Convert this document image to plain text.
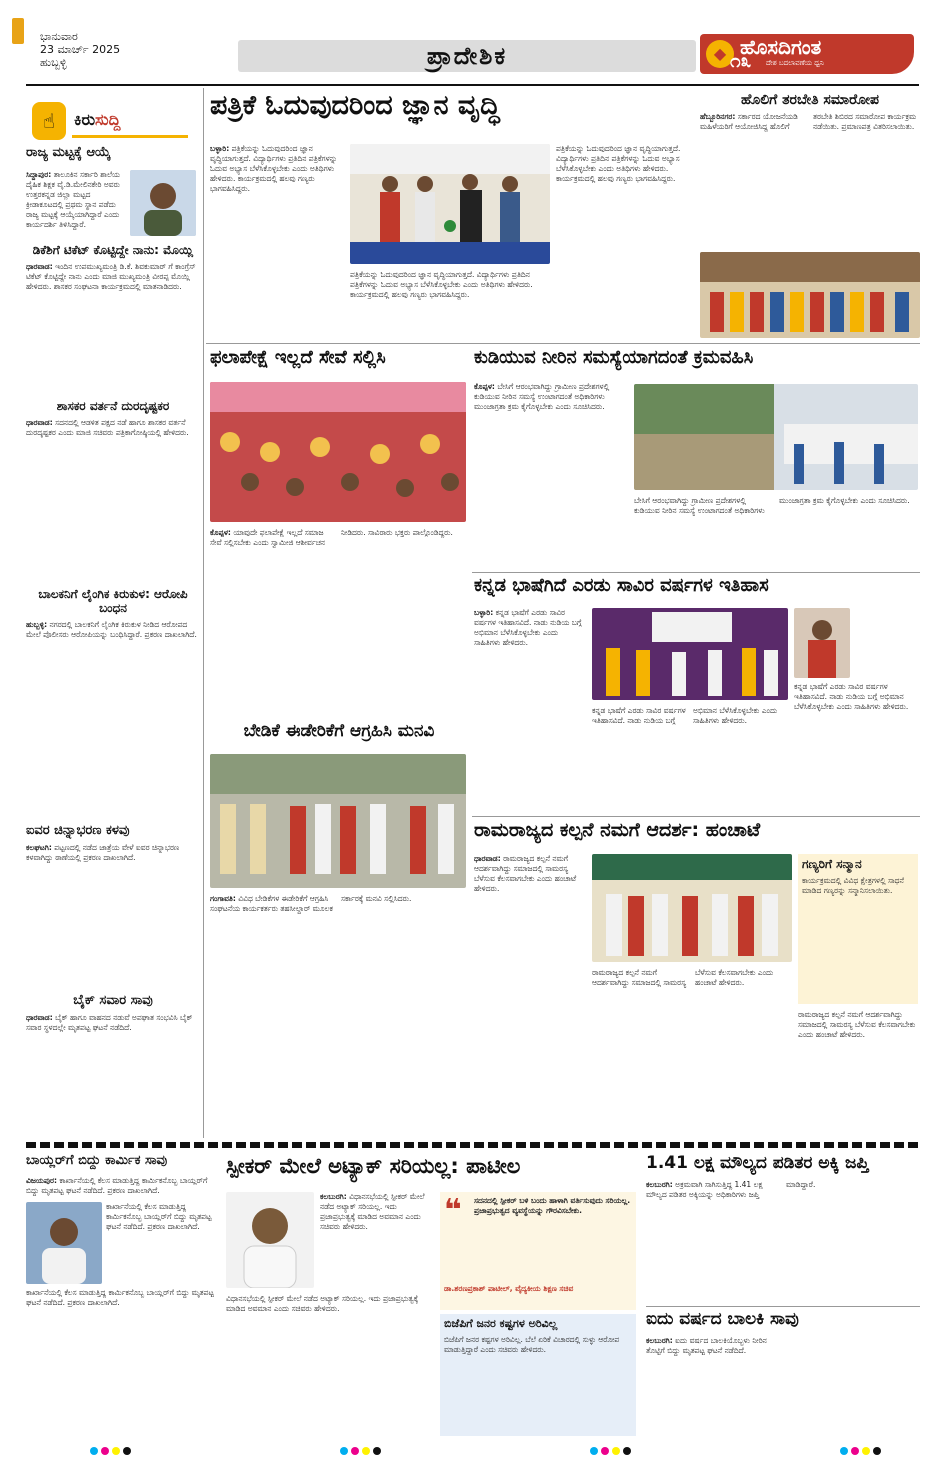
ಭಾನುವಾರ
23 ಮಾರ್ಚ್ 2025
ಹುಬ್ಬಳ್ಳಿ	ಪ್ರಾದೇಶಿಕ	◆ ಹೊಸದಿಗಂತ
ದೇಶ ಬದಲಾವಣೆಯ ಧ್ವನಿ
೧೩
☝	ಕಿರುಸುದ್ದಿ
ರಾಜ್ಯ ಮಟ್ಟಕ್ಕೆ ಆಯ್ಕೆ
ಸಿದ್ದಾಪುರ: ತಾಲೂಕಿನ ಸರ್ಕಾರಿ ಶಾಲೆಯ ದೈಹಿಕ ಶಿಕ್ಷಕ ವೈ.ಡಿ.ಮೇಲಿನಕೇರಿ ಅವರು ಉತ್ತರಕನ್ನಡ ಜಿಲ್ಲಾ ಮಟ್ಟದ ಕ್ರೀಡಾಕೂಟದಲ್ಲಿ ಪ್ರಥಮ ಸ್ಥಾನ ಪಡೆದು ರಾಜ್ಯ ಮಟ್ಟಕ್ಕೆ ಆಯ್ಕೆಯಾಗಿದ್ದಾರೆ ಎಂದು ಕಾರ್ಯದರ್ಶಿ ತಿಳಿಸಿದ್ದಾರೆ.
ಡಿಕೆಶಿಗೆ ಟಿಕೆಟ್ ಕೊಟ್ಟಿದ್ದೇ ನಾನು: ಮೊಯ್ಲಿ
ಧಾರವಾಡ: ಇಂದಿನ ಉಪಮುಖ್ಯಮಂತ್ರಿ ಡಿ.ಕೆ. ಶಿವಕುಮಾರ್ ಗೆ ಕಾಂಗ್ರೆಸ್ ಟಿಕೆಟ್ ಕೊಟ್ಟಿದ್ದೇ ನಾನು ಎಂದು ಮಾಜಿ ಮುಖ್ಯಮಂತ್ರಿ ವೀರಪ್ಪ ಮೊಯ್ಲಿ ಹೇಳಿದರು. ಶಾಸಕರ ಸಂಘಟನಾ ಕಾರ್ಯಕ್ರಮದಲ್ಲಿ ಮಾತನಾಡಿದರು.
ಶಾಸಕರ ವರ್ತನೆ ದುರದೃಷ್ಟಕರ
ಧಾರವಾಡ: ಸದನದಲ್ಲಿ ಆಡಳಿತ ಪಕ್ಷದ ನಡೆ ಹಾಗೂ ಶಾಸಕರ ವರ್ತನೆ ದುರದೃಷ್ಟಕರ ಎಂದು ಮಾಜಿ ಸಚಿವರು ಪತ್ರಿಕಾಗೋಷ್ಠಿಯಲ್ಲಿ ಹೇಳಿದರು.
ಬಾಲಕನಿಗೆ ಲೈಂಗಿಕ ಕಿರುಕುಳ: ಆರೋಪಿ ಬಂಧನ
ಹುಬ್ಬಳ್ಳಿ: ನಗರದಲ್ಲಿ ಬಾಲಕನಿಗೆ ಲೈಂಗಿಕ ಕಿರುಕುಳ ನೀಡಿದ ಆರೋಪದ ಮೇಲೆ ಪೊಲೀಸರು ಆರೋಪಿಯನ್ನು ಬಂಧಿಸಿದ್ದಾರೆ. ಪ್ರಕರಣ ದಾಖಲಾಗಿದೆ.
ಐವರ ಚಿನ್ನಾಭರಣ ಕಳವು
ಕಲಘಟಗಿ: ಪಟ್ಟಣದಲ್ಲಿ ನಡೆದ ಜಾತ್ರೆಯ ವೇಳೆ ಐವರ ಚಿನ್ನಾಭರಣ ಕಳವಾಗಿದ್ದು ಠಾಣೆಯಲ್ಲಿ ಪ್ರಕರಣ ದಾಖಲಾಗಿದೆ.
ಬೈಕ್ ಸವಾರ ಸಾವು
ಧಾರವಾಡ: ಬೈಕ್ ಹಾಗೂ ವಾಹನದ ನಡುವೆ ಅಪಘಾತ ಸಂಭವಿಸಿ ಬೈಕ್ ಸವಾರ ಸ್ಥಳದಲ್ಲೇ ಮೃತಪಟ್ಟ ಘಟನೆ ನಡೆದಿದೆ.
ಪತ್ರಿಕೆ ಓದುವುದರಿಂದ ಜ್ಞಾನ ವೃದ್ಧಿ
ಬಳ್ಳಾರಿ: ಪತ್ರಿಕೆಯನ್ನು ಓದುವುದರಿಂದ ಜ್ಞಾನ ವೃದ್ಧಿಯಾಗುತ್ತದೆ. ವಿದ್ಯಾರ್ಥಿಗಳು ಪ್ರತಿದಿನ ಪತ್ರಿಕೆಗಳನ್ನು ಓದುವ ಅಭ್ಯಾಸ ಬೆಳೆಸಿಕೊಳ್ಳಬೇಕು ಎಂದು ಅತಿಥಿಗಳು ಹೇಳಿದರು. ಕಾರ್ಯಕ್ರಮದಲ್ಲಿ ಹಲವು ಗಣ್ಯರು ಭಾಗವಹಿಸಿದ್ದರು.
ಪತ್ರಿಕೆಯನ್ನು ಓದುವುದರಿಂದ ಜ್ಞಾನ ವೃದ್ಧಿಯಾಗುತ್ತದೆ. ವಿದ್ಯಾರ್ಥಿಗಳು ಪ್ರತಿದಿನ ಪತ್ರಿಕೆಗಳನ್ನು ಓದುವ ಅಭ್ಯಾಸ ಬೆಳೆಸಿಕೊಳ್ಳಬೇಕು ಎಂದು ಅತಿಥಿಗಳು ಹೇಳಿದರು. ಕಾರ್ಯಕ್ರಮದಲ್ಲಿ ಹಲವು ಗಣ್ಯರು ಭಾಗವಹಿಸಿದ್ದರು.
ಪತ್ರಿಕೆಯನ್ನು ಓದುವುದರಿಂದ ಜ್ಞಾನ ವೃದ್ಧಿಯಾಗುತ್ತದೆ. ವಿದ್ಯಾರ್ಥಿಗಳು ಪ್ರತಿದಿನ ಪತ್ರಿಕೆಗಳನ್ನು ಓದುವ ಅಭ್ಯಾಸ ಬೆಳೆಸಿಕೊಳ್ಳಬೇಕು ಎಂದು ಅತಿಥಿಗಳು ಹೇಳಿದರು. ಕಾರ್ಯಕ್ರಮದಲ್ಲಿ ಹಲವು ಗಣ್ಯರು ಭಾಗವಹಿಸಿದ್ದರು.
ಹೊಲಿಗೆ ತರಬೇತಿ ಸಮಾರೋಪ
ಹೆಬ್ಬೂರಿನಗರ: ಸರ್ಕಾರದ ಯೋಜನೆಯಡಿ ಮಹಿಳೆಯರಿಗೆ ಆಯೋಜಿಸಿದ್ದ ಹೊಲಿಗೆ ತರಬೇತಿ ಶಿಬಿರದ ಸಮಾರೋಪ ಕಾರ್ಯಕ್ರಮ ನಡೆಯಿತು. ಪ್ರಮಾಣಪತ್ರ ವಿತರಿಸಲಾಯಿತು.
ಫಲಾಪೇಕ್ಷೆ ಇಲ್ಲದೆ ಸೇವೆ ಸಲ್ಲಿಸಿ
ಕೊಪ್ಪಳ: ಯಾವುದೇ ಫಲಾಪೇಕ್ಷೆ ಇಲ್ಲದೆ ಸಮಾಜ ಸೇವೆ ಸಲ್ಲಿಸಬೇಕು ಎಂದು ಸ್ವಾಮೀಜಿ ಆಶೀರ್ವಚನ ನೀಡಿದರು. ಸಾವಿರಾರು ಭಕ್ತರು ಪಾಲ್ಗೊಂಡಿದ್ದರು.
ಕುಡಿಯುವ ನೀರಿನ ಸಮಸ್ಯೆಯಾಗದಂತೆ ಕ್ರಮವಹಿಸಿ
ಕೊಪ್ಪಳ: ಬೇಸಿಗೆ ಆರಂಭವಾಗಿದ್ದು ಗ್ರಾಮೀಣ ಪ್ರದೇಶಗಳಲ್ಲಿ ಕುಡಿಯುವ ನೀರಿನ ಸಮಸ್ಯೆ ಉಂಟಾಗದಂತೆ ಅಧಿಕಾರಿಗಳು ಮುಂಜಾಗ್ರತಾ ಕ್ರಮ ಕೈಗೊಳ್ಳಬೇಕು ಎಂದು ಸೂಚಿಸಿದರು.
ಬೇಸಿಗೆ ಆರಂಭವಾಗಿದ್ದು ಗ್ರಾಮೀಣ ಪ್ರದೇಶಗಳಲ್ಲಿ ಕುಡಿಯುವ ನೀರಿನ ಸಮಸ್ಯೆ ಉಂಟಾಗದಂತೆ ಅಧಿಕಾರಿಗಳು ಮುಂಜಾಗ್ರತಾ ಕ್ರಮ ಕೈಗೊಳ್ಳಬೇಕು ಎಂದು ಸೂಚಿಸಿದರು.
ಕನ್ನಡ ಭಾಷೆಗಿದೆ ಎರಡು ಸಾವಿರ ವರ್ಷಗಳ ಇತಿಹಾಸ
ಬಳ್ಳಾರಿ: ಕನ್ನಡ ಭಾಷೆಗೆ ಎರಡು ಸಾವಿರ ವರ್ಷಗಳ ಇತಿಹಾಸವಿದೆ. ನಾಡು ನುಡಿಯ ಬಗ್ಗೆ ಅಭಿಮಾನ ಬೆಳೆಸಿಕೊಳ್ಳಬೇಕು ಎಂದು ಸಾಹಿತಿಗಳು ಹೇಳಿದರು.
ಕನ್ನಡ ಭಾಷೆಗೆ ಎರಡು ಸಾವಿರ ವರ್ಷಗಳ ಇತಿಹಾಸವಿದೆ. ನಾಡು ನುಡಿಯ ಬಗ್ಗೆ ಅಭಿಮಾನ ಬೆಳೆಸಿಕೊಳ್ಳಬೇಕು ಎಂದು ಸಾಹಿತಿಗಳು ಹೇಳಿದರು.
ಕನ್ನಡ ಭಾಷೆಗೆ ಎರಡು ಸಾವಿರ ವರ್ಷಗಳ ಇತಿಹಾಸವಿದೆ. ನಾಡು ನುಡಿಯ ಬಗ್ಗೆ ಅಭಿಮಾನ ಬೆಳೆಸಿಕೊಳ್ಳಬೇಕು ಎಂದು ಸಾಹಿತಿಗಳು ಹೇಳಿದರು.
ಬೇಡಿಕೆ ಈಡೇರಿಕೆಗೆ ಆಗ್ರಹಿಸಿ ಮನವಿ
ಗಂಗಾವತಿ: ವಿವಿಧ ಬೇಡಿಕೆಗಳ ಈಡೇರಿಕೆಗೆ ಆಗ್ರಹಿಸಿ ಸಂಘಟನೆಯ ಕಾರ್ಯಕರ್ತರು ತಹಸೀಲ್ದಾರ್ ಮೂಲಕ ಸರ್ಕಾರಕ್ಕೆ ಮನವಿ ಸಲ್ಲಿಸಿದರು.
ರಾಮರಾಜ್ಯದ ಕಲ್ಪನೆ ನಮಗೆ ಆದರ್ಶ: ಹಂಚಾಟೆ
ಧಾರವಾಡ: ರಾಮರಾಜ್ಯದ ಕಲ್ಪನೆ ನಮಗೆ ಆದರ್ಶವಾಗಿದ್ದು ಸಮಾಜದಲ್ಲಿ ಸಾಮರಸ್ಯ ಬೆಳೆಸುವ ಕೆಲಸವಾಗಬೇಕು ಎಂದು ಹಂಚಾಟೆ ಹೇಳಿದರು.
ರಾಮರಾಜ್ಯದ ಕಲ್ಪನೆ ನಮಗೆ ಆದರ್ಶವಾಗಿದ್ದು ಸಮಾಜದಲ್ಲಿ ಸಾಮರಸ್ಯ ಬೆಳೆಸುವ ಕೆಲಸವಾಗಬೇಕು ಎಂದು ಹಂಚಾಟೆ ಹೇಳಿದರು.
ಗಣ್ಯರಿಗೆ ಸನ್ಮಾನ
ಕಾರ್ಯಕ್ರಮದಲ್ಲಿ ವಿವಿಧ ಕ್ಷೇತ್ರಗಳಲ್ಲಿ ಸಾಧನೆ ಮಾಡಿದ ಗಣ್ಯರನ್ನು ಸನ್ಮಾನಿಸಲಾಯಿತು.
ರಾಮರಾಜ್ಯದ ಕಲ್ಪನೆ ನಮಗೆ ಆದರ್ಶವಾಗಿದ್ದು ಸಮಾಜದಲ್ಲಿ ಸಾಮರಸ್ಯ ಬೆಳೆಸುವ ಕೆಲಸವಾಗಬೇಕು ಎಂದು ಹಂಚಾಟೆ ಹೇಳಿದರು.
ಬಾಯ್ಲರ್‌ಗೆ ಬಿದ್ದು ಕಾರ್ಮಿಕ ಸಾವು
ವಿಜಯಪುರ: ಕಾರ್ಖಾನೆಯಲ್ಲಿ ಕೆಲಸ ಮಾಡುತ್ತಿದ್ದ ಕಾರ್ಮಿಕನೊಬ್ಬ ಬಾಯ್ಲರ್‌ಗೆ ಬಿದ್ದು ಮೃತಪಟ್ಟ ಘಟನೆ ನಡೆದಿದೆ. ಪ್ರಕರಣ ದಾಖಲಾಗಿದೆ.
ಕಾರ್ಖಾನೆಯಲ್ಲಿ ಕೆಲಸ ಮಾಡುತ್ತಿದ್ದ ಕಾರ್ಮಿಕನೊಬ್ಬ ಬಾಯ್ಲರ್‌ಗೆ ಬಿದ್ದು ಮೃತಪಟ್ಟ ಘಟನೆ ನಡೆದಿದೆ. ಪ್ರಕರಣ ದಾಖಲಾಗಿದೆ.
ಕಾರ್ಖಾನೆಯಲ್ಲಿ ಕೆಲಸ ಮಾಡುತ್ತಿದ್ದ ಕಾರ್ಮಿಕನೊಬ್ಬ ಬಾಯ್ಲರ್‌ಗೆ ಬಿದ್ದು ಮೃತಪಟ್ಟ ಘಟನೆ ನಡೆದಿದೆ. ಪ್ರಕರಣ ದಾಖಲಾಗಿದೆ.
ಸ್ಪೀಕರ್ ಮೇಲೆ ಅಟ್ಯಾಕ್ ಸರಿಯಲ್ಲ: ಪಾಟೀಲ
ಕಲಬುರಗಿ: ವಿಧಾನಸಭೆಯಲ್ಲಿ ಸ್ಪೀಕರ್ ಮೇಲೆ ನಡೆದ ಅಟ್ಯಾಕ್ ಸರಿಯಲ್ಲ. ಇದು ಪ್ರಜಾಪ್ರಭುತ್ವಕ್ಕೆ ಮಾಡಿದ ಅವಮಾನ ಎಂದು ಸಚಿವರು ಹೇಳಿದರು.
ವಿಧಾನಸಭೆಯಲ್ಲಿ ಸ್ಪೀಕರ್ ಮೇಲೆ ನಡೆದ ಅಟ್ಯಾಕ್ ಸರಿಯಲ್ಲ. ಇದು ಪ್ರಜಾಪ್ರಭುತ್ವಕ್ಕೆ ಮಾಡಿದ ಅವಮಾನ ಎಂದು ಸಚಿವರು ಹೇಳಿದರು.
❝ ಸದನದಲ್ಲಿ ಸ್ಪೀಕರ್ ಬಳಿ ಬಂದು ಹಾಳಾಗಿ ವರ್ತಿಸುವುದು ಸರಿಯಲ್ಲ. ಪ್ರಜಾಪ್ರಭುತ್ವದ ವ್ಯವಸ್ಥೆಯನ್ನು ಗೌರವಿಸಬೇಕು.
ಡಾ.ಶರಣಪ್ರಕಾಶ್ ಪಾಟೀಲ್, ವೈದ್ಯಕೀಯ ಶಿಕ್ಷಣ ಸಚಿವ
ಬಿಜೆಪಿಗೆ ಜನರ ಕಷ್ಟಗಳ ಅರಿವಿಲ್ಲ
ಬಿಜೆಪಿಗೆ ಜನರ ಕಷ್ಟಗಳ ಅರಿವಿಲ್ಲ. ಬೆಲೆ ಏರಿಕೆ ವಿಚಾರದಲ್ಲಿ ಸುಳ್ಳು ಆರೋಪ ಮಾಡುತ್ತಿದ್ದಾರೆ ಎಂದು ಸಚಿವರು ಹೇಳಿದರು.
1.41 ಲಕ್ಷ ಮೌಲ್ಯದ ಪಡಿತರ ಅಕ್ಕಿ ಜಪ್ತಿ
ಕಲಬುರಗಿ: ಅಕ್ರಮವಾಗಿ ಸಾಗಿಸುತ್ತಿದ್ದ 1.41 ಲಕ್ಷ ಮೌಲ್ಯದ ಪಡಿತರ ಅಕ್ಕಿಯನ್ನು ಅಧಿಕಾರಿಗಳು ಜಪ್ತಿ ಮಾಡಿದ್ದಾರೆ.
ಐದು ವರ್ಷದ ಬಾಲಕಿ ಸಾವು
ಕಲಬುರಗಿ: ಐದು ವರ್ಷದ ಬಾಲಕಿಯೊಬ್ಬಳು ನೀರಿನ ತೊಟ್ಟಿಗೆ ಬಿದ್ದು ಮೃತಪಟ್ಟ ಘಟನೆ ನಡೆದಿದೆ.
